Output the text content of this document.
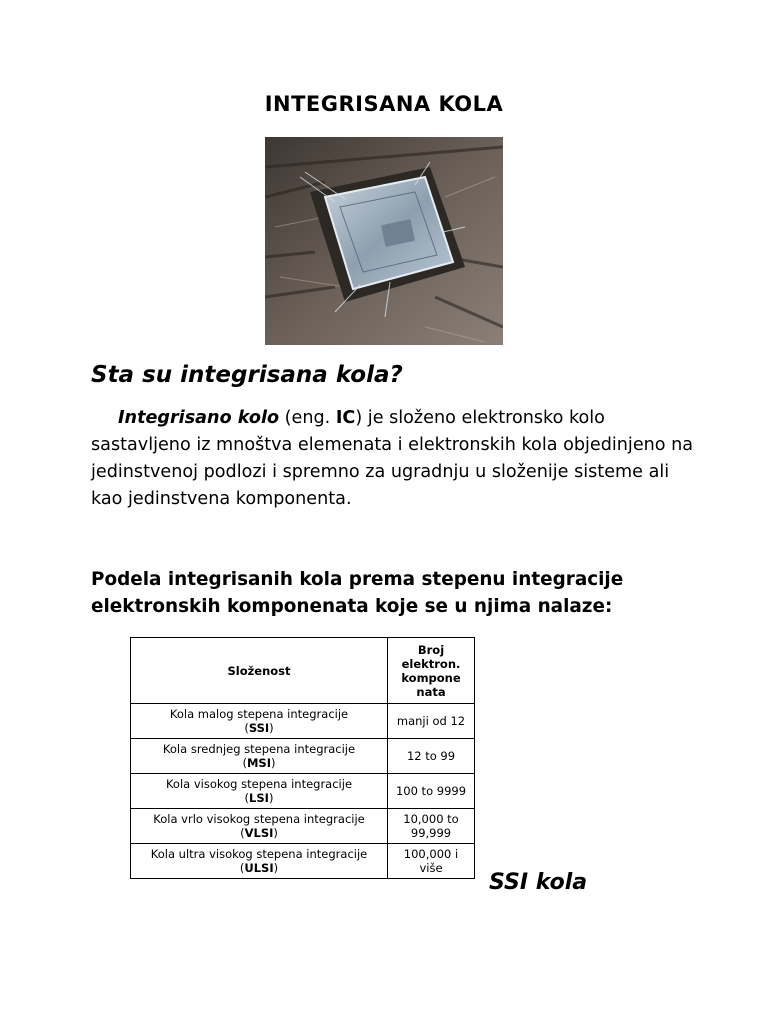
INTEGRISANA KOLA
Sta su integrisana kola?

Integrisano kolo (eng. IC) je složeno elektronsko kolo sastavljeno iz mnoštva elemenata i elektronskih kola objedinjeno na jedinstvenoj podlozi i spremno za ugradnju u složenije sisteme ali kao jedinstvena komponenta.

Podela integrisanih kola prema stepenu integracije elektronskih komponenata koje se u njima nalaze:
Složenost	Broj elektron. kompone nata
Kola malog stepena integracije
(SSI)	manji od 12
Kola srednjeg stepena integracije
(MSI)	12 to 99
Kola visokog stepena integracije
(LSI)	100 to 9999
Kola vrlo visokog stepena integracije (VLSI)	10,000 to 99,999
Kola ultra visokog stepena integracije (ULSI)	100,000 i više
SSI kola
